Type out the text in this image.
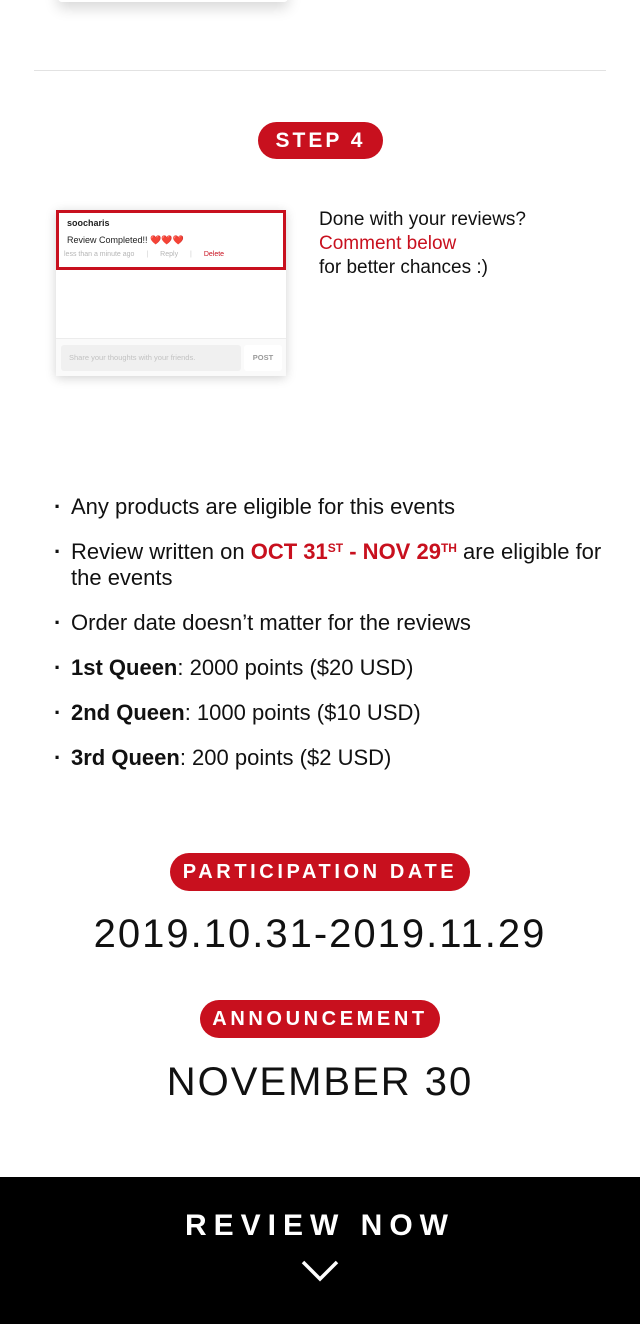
STEP 4
soocharis
Review Completed!! ❤️❤️❤️
less than a minute ago | Reply | Delete
Share your thoughts with your friends.	POST
Done with your reviews?
Comment below
for better chances :)
· Any products are eligible for this events
· Review written on OCT 31ST - NOV 29TH are eligible for the events
· Order date doesn’t matter for the reviews
· 1st Queen: 2000 points ($20 USD)
· 2nd Queen: 1000 points ($10 USD)
· 3rd Queen: 200 points ($2 USD)
PARTICIPATION DATE
2019.10.31-2019.11.29
ANNOUNCEMENT
NOVEMBER 30
REVIEW NOW
